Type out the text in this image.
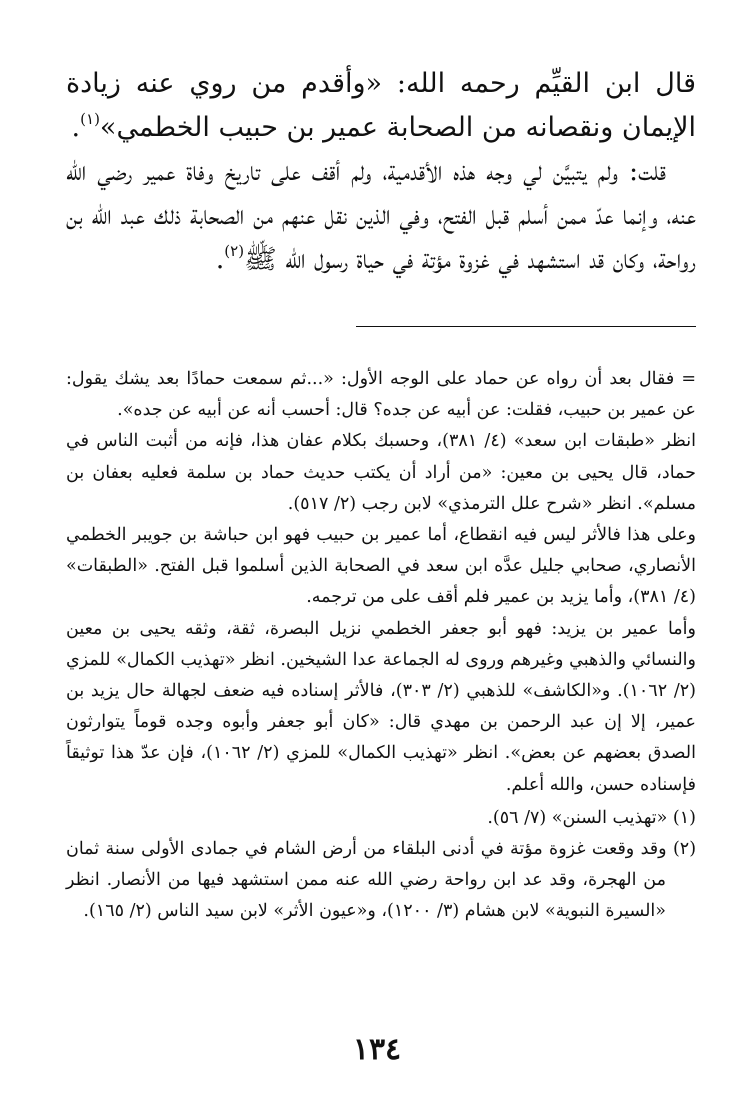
قال ابن القيِّم رحمه الله: «وأقدم من روي عنه زيادة الإيمان ونقصانه من الصحابة عمير بن حبيب الخطمي»$^{(١)}$.

قلت: ولم يتبيَّن لي وجه هذه الأقدمية، ولم أقف على تاريخ وفاة عمير رضي الله عنه، وإنما عدّ ممن أسلم قبل الفتح، وفي الذين نقل عنهم من الصحابة ذلك عبد الله بن رواحة، وكان قد استشهد في غزوة مؤتة في حياة رسول الله ﷺ$^{(٢)}$.

= فقال بعد أن رواه عن حماد على الوجه الأول: «...ثم سمعت حمادًا بعد يشك يقول: عن عمير بن حبيب، فقلت: عن أبيه عن جده؟ قال: أحسب أنه عن أبيه عن جده».

انظر «طبقات ابن سعد» (٤/ ٣٨١)، وحسبك بكلام عفان هذا، فإنه من أثبت الناس في حماد، قال يحيى بن معين: «من أراد أن يكتب حديث حماد بن سلمة فعليه بعفان بن مسلم». انظر «شرح علل الترمذي» لابن رجب (٢/ ٥١٧).

وعلى هذا فالأثر ليس فيه انقطاع، أما عمير بن حبيب فهو ابن حباشة بن جويبر الخطمي الأنصاري، صحابي جليل عدَّه ابن سعد في الصحابة الذين أسلموا قبل الفتح. «الطبقات» (٤/ ٣٨١)، وأما يزيد بن عمير فلم أقف على من ترجمه.

وأما عمير بن يزيد: فهو أبو جعفر الخطمي نزيل البصرة، ثقة، وثقه يحيى بن معين والنسائي والذهبي وغيرهم وروى له الجماعة عدا الشيخين. انظر «تهذيب الكمال» للمزي (٢/ ١٠٦٢). و«الكاشف» للذهبي (٢/ ٣٠٣)، فالأثر إسناده فيه ضعف لجهالة حال يزيد بن عمير، إلا إن عبد الرحمن بن مهدي قال: «كان أبو جعفر وأبوه وجده قوماً يتوارثون الصدق بعضهم عن بعض». انظر «تهذيب الكمال» للمزي (٢/ ١٠٦٢)، فإن عدّ هذا توثيقاً فإسناده حسن، والله أعلم.

(١) «تهذيب السنن» (٧/ ٥٦).

(٢) وقد وقعت غزوة مؤتة في أدنى البلقاء من أرض الشام في جمادى الأولى سنة ثمان من الهجرة، وقد عد ابن رواحة رضي الله عنه ممن استشهد فيها من الأنصار. انظر «السيرة النبوية» لابن هشام (٣/ ١٢٠٠)، و«عيون الأثر» لابن سيد الناس (٢/ ١٦٥).

١٣٤
